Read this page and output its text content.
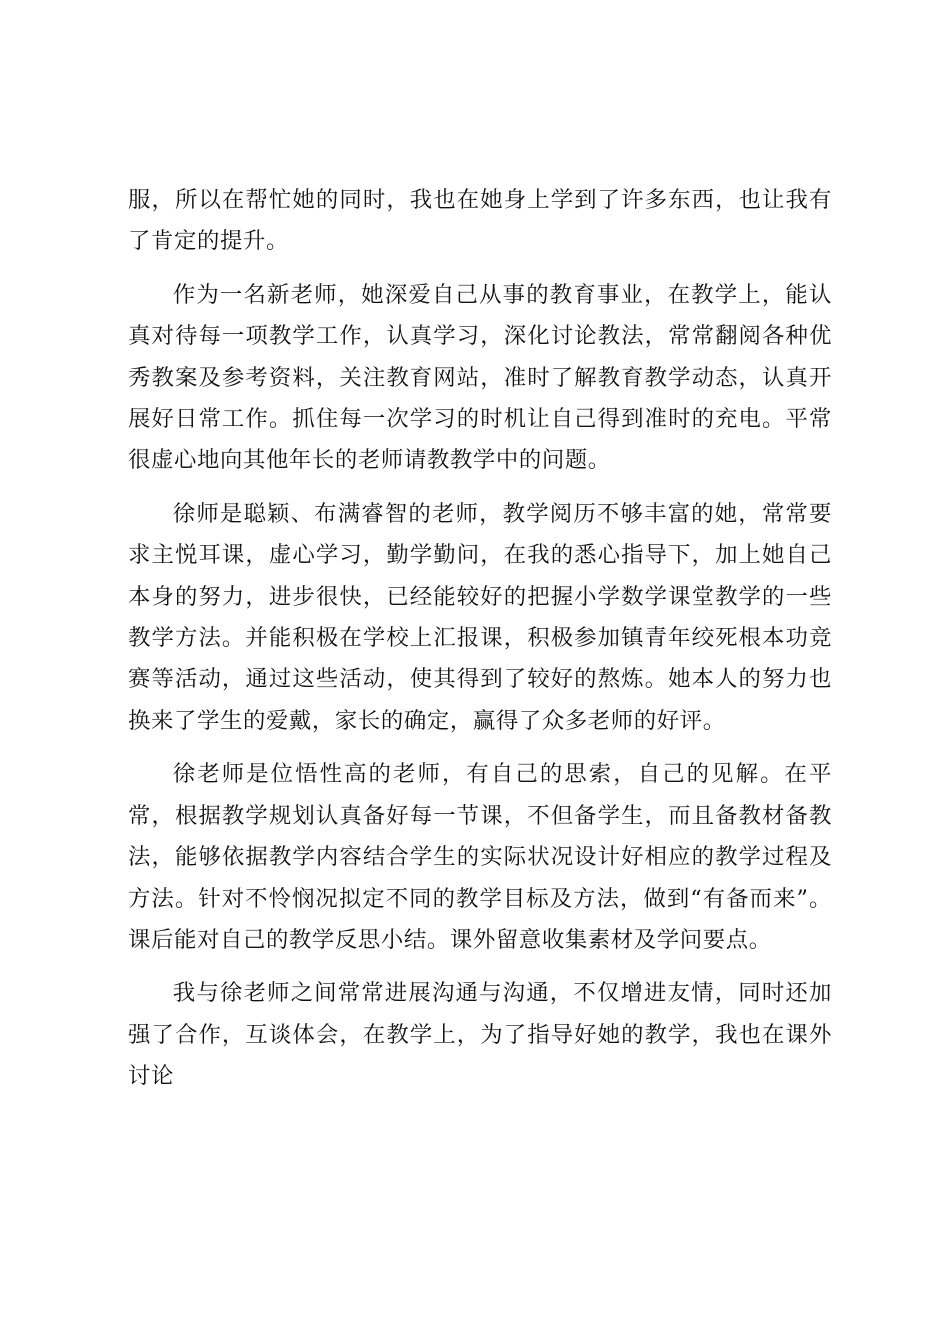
服，所以在帮忙她的同时，我也在她身上学到了许多东西，也让我有了肯定的提升。

作为一名新老师，她深爱自己从事的教育事业，在教学上，能认真对待每一项教学工作，认真学习，深化讨论教法，常常翻阅各种优秀教案及参考资料，关注教育网站，准时了解教育教学动态，认真开展好日常工作。抓住每一次学习的时机让自己得到准时的充电。平常很虚心地向其他年长的老师请教教学中的问题。

徐师是聪颖、布满睿智的老师，教学阅历不够丰富的她，常常要求主悦耳课，虚心学习，勤学勤问，在我的悉心指导下，加上她自己本身的努力，进步很快，已经能较好的把握小学数学课堂教学的一些教学方法。并能积极在学校上汇报课，积极参加镇青年绞死根本功竞赛等活动，通过这些活动，使其得到了较好的熬炼。她本人的努力也换来了学生的爱戴，家长的确定，赢得了众多老师的好评。

徐老师是位悟性高的老师，有自己的思索，自己的见解。在平常，根据教学规划认真备好每一节课，不但备学生，而且备教材备教法，能够依据教学内容结合学生的实际状况设计好相应的教学过程及方法。针对不怜悯况拟定不同的教学目标及方法，做到“有备而来”。课后能对自己的教学反思小结。课外留意收集素材及学问要点。

我与徐老师之间常常进展沟通与沟通，不仅增进友情，同时还加强了合作，互谈体会，在教学上，为了指导好她的教学，我也在课外讨论
